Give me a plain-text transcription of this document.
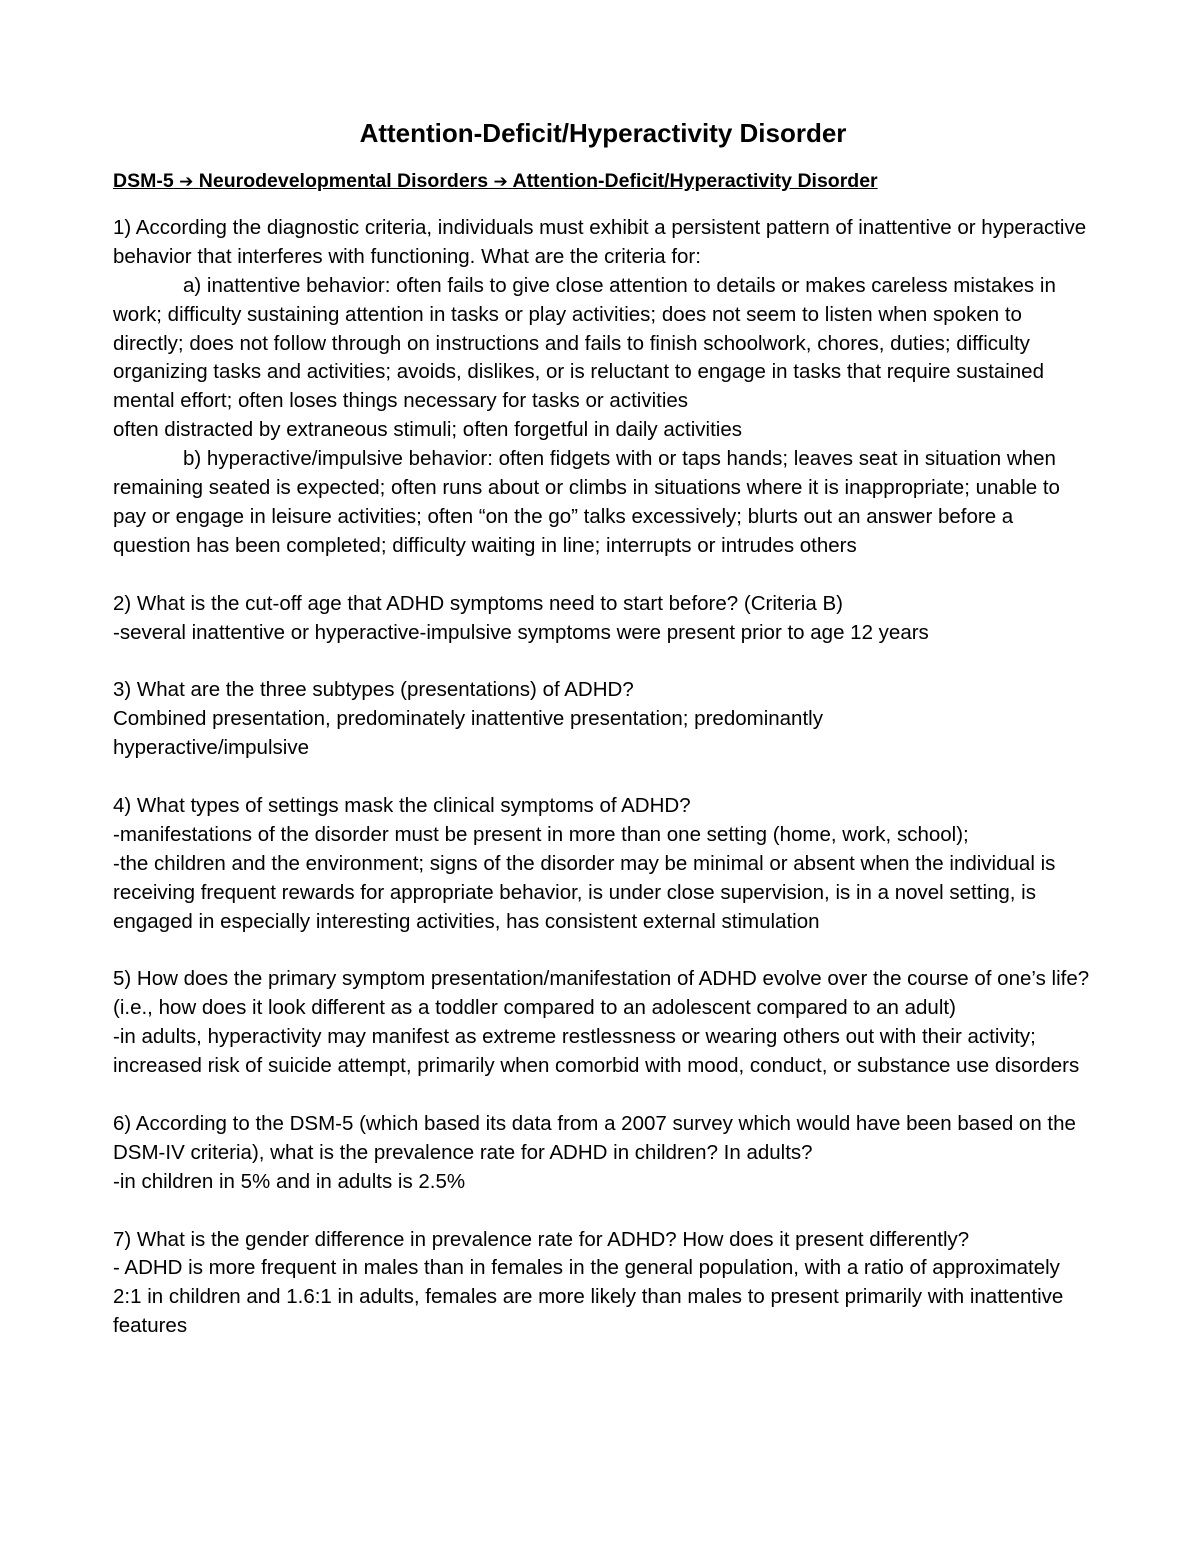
Attention-Deficit/Hyperactivity Disorder
DSM-5 ➔ Neurodevelopmental Disorders ➔ Attention-Deficit/Hyperactivity Disorder

1) According the diagnostic criteria, individuals must exhibit a persistent pattern of inattentive or hyperactive behavior that interferes with functioning. What are the criteria for:

a) inattentive behavior: often fails to give close attention to details or makes careless mistakes in work; difficulty sustaining attention in tasks or play activities; does not seem to listen when spoken to directly; does not follow through on instructions and fails to finish schoolwork, chores, duties; difficulty organizing tasks and activities; avoids, dislikes, or is reluctant to engage in tasks that require sustained mental effort; often loses things necessary for tasks or activities

often distracted by extraneous stimuli; often forgetful in daily activities

b) hyperactive/impulsive behavior: often fidgets with or taps hands; leaves seat in situation when remaining seated is expected; often runs about or climbs in situations where it is inappropriate; unable to pay or engage in leisure activities; often “on the go” talks excessively; blurts out an answer before a question has been completed; difficulty waiting in line; interrupts or intrudes others

2) What is the cut-off age that ADHD symptoms need to start before? (Criteria B)

-several inattentive or hyperactive-impulsive symptoms were present prior to age 12 years

3) What are the three subtypes (presentations) of ADHD?

Combined presentation, predominately inattentive presentation; predominantly

hyperactive/impulsive

4) What types of settings mask the clinical symptoms of ADHD?

-manifestations of the disorder must be present in more than one setting (home, work, school);

-the children and the environment; signs of the disorder may be minimal or absent when the individual is receiving frequent rewards for appropriate behavior, is under close supervision, is in a novel setting, is engaged in especially interesting activities, has consistent external stimulation

5) How does the primary symptom presentation/manifestation of ADHD evolve over the course of one’s life? (i.e., how does it look different as a toddler compared to an adolescent compared to an adult)

-in adults, hyperactivity may manifest as extreme restlessness or wearing others out with their activity; increased risk of suicide attempt, primarily when comorbid with mood, conduct, or substance use disorders

6) According to the DSM-5 (which based its data from a 2007 survey which would have been based on the DSM-IV criteria), what is the prevalence rate for ADHD in children? In adults?

-in children in 5% and in adults is 2.5%

7) What is the gender difference in prevalence rate for ADHD? How does it present differently?

- ADHD is more frequent in males than in females in the general population, with a ratio of approximately 2:1 in children and 1.6:1 in adults, females are more likely than males to present primarily with inattentive features
